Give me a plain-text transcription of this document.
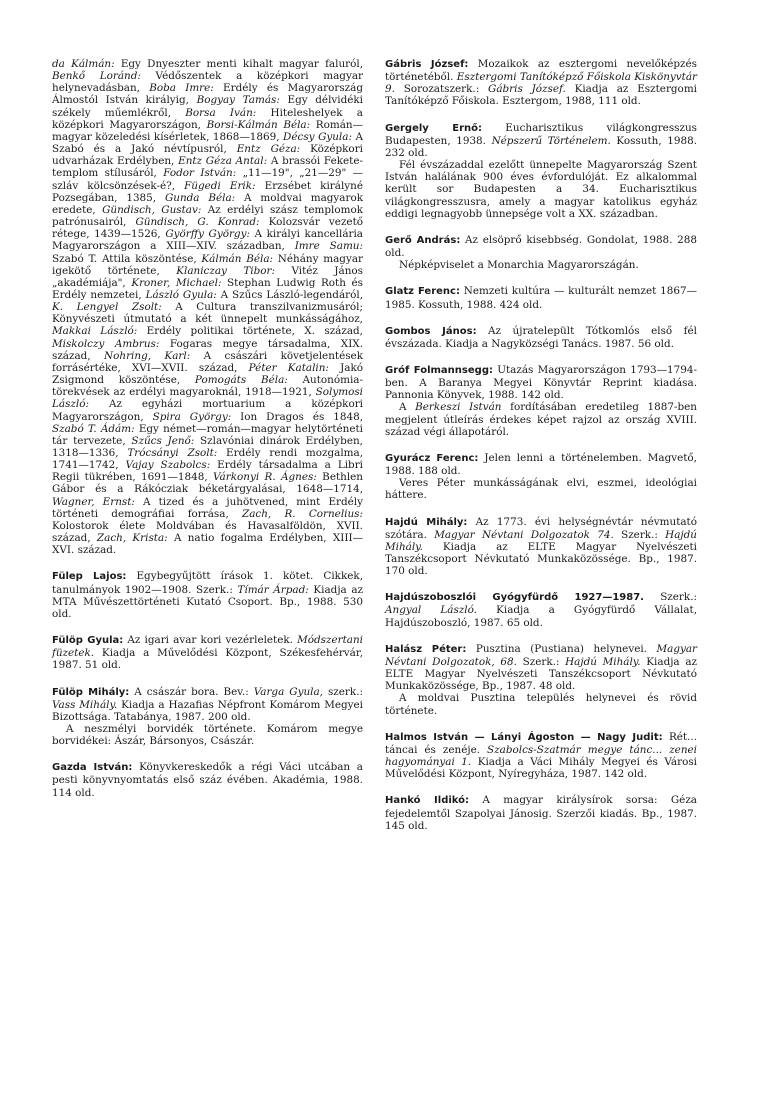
da Kálmán: Egy Dnyeszter menti kihalt magyar faluról, Benkő Loránd: Védőszentek a középkori magyar helynevadásban, Boba Imre: Erdély és Magyarország Álmostól István királyig, Bogyay Tamás: Egy délvidéki székely műemlékről, Borsa Iván: Hiteleshelyek a középkori Magyarországon, Borsi-Kálmán Béla: Román—magyar közeledési kísérletek, 1868—1869, Décsy Gyula: A Szabó és a Jakó névtípusról, Entz Géza: Középkori udvarházak Erdélyben, Entz Géza Antal: A brassói Fekete-templom stílusáról, Fodor István: „11—19", „21—29" — szláv kölcsönzések-é?, Fügedi Erik: Erzsébet királyné Pozsegában, 1385, Gunda Béla: A moldvai magyarok eredete, Gündisch, Gustav: Az erdélyi szász templomok patrónusairól, Gündisch, G. Konrad: Kolozsvár vezető rétege, 1439—1526, Györffy György: A királyi kancellária Magyarországon a XIII—XIV. században, Imre Samu: Szabó T. Attila köszöntése, Kálmán Béla: Néhány magyar igekötő története, Klaniczay Tibor: Vitéz János „akadémiája", Kroner, Michael: Stephan Ludwig Roth és Erdély nemzetei, László Gyula: A Szűcs László-legendáról, K. Lengyel Zsolt: A Cultura transzilvanizmusáról; Könyvészeti útmutató a két ünnepelt munkásságához, Makkai László: Erdély politikai története, X. század, Miskolczy Ambrus: Fogaras megye társadalma, XIX. század, Nohring, Karl: A császári követjelentések forrásértéke, XVI—XVII. század, Péter Katalin: Jakó Zsigmond köszöntése, Pomogáts Béla: Autonómia-törekvések az erdélyi magyaroknál, 1918—1921, Solymosi László: Az egyházi mortuarium a középkori Magyarországon, Spira György: Ion Dragos és 1848, Szabó T. Ádám: Egy német—román—magyar helytörténeti tár tervezete, Szűcs Jenő: Szlavóniai dinárok Erdélyben, 1318—1336, Trócsányi Zsolt: Erdély rendi mozgalma, 1741—1742, Vajay Szabolcs: Erdély társadalma a Libri Regii tükrében, 1691—1848, Várkonyi R. Ágnes: Bethlen Gábor és a Rákócziak béketárgyalásai, 1648—1714, Wagner, Ernst: A tized és a juhötvened, mint Erdély történeti demográfiai forrása, Zach, R. Cornelius: Kolostorok élete Moldvában és Havasalföldön, XVII. század, Zach, Krista: A natio fogalma Erdélyben, XIII—XVI. század.

Fülep Lajos: Egybegyűjtött írások 1. kötet. Cikkek, tanulmányok 1902—1908. Szerk.: Tímár Árpad: Kiadja az MTA Művészettörténeti Kutató Csoport. Bp., 1988. 530 old.

Fülöp Gyula: Az igari avar kori vezérleletek. Módszertani füzetek. Kiadja a Művelődési Központ, Székesfehérvár, 1987. 51 old.

Fülöp Mihály: A császár bora. Bev.: Varga Gyula, szerk.: Vass Mihály. Kiadja a Hazafias Népfront Komárom Megyei Bizottsága. Tatabánya, 1987. 200 old.

A neszmélyi borvidék története. Komárom megye borvidékei: Ászár, Bársonyos, Császár.

Gazda István: Könyvkereskedők a régi Váci utcában a pesti könyvnyomtatás első száz évében. Akadémia, 1988. 114 old.

Gábris József: Mozaikok az esztergomi nevelőképzés történetéből. Esztergomi Tanítóképző Főiskola Kiskönyvtár 9. Sorozatszerk.: Gábris József. Kiadja az Esztergomi Tanítóképző Főiskola. Esztergom, 1988, 111 old.

Gergely Ernő: Eucharisztikus világkongresszus Budapesten, 1938. Népszerű Történelem. Kossuth, 1988. 232 old.

Fél évszázaddal ezelőtt ünnepelte Magyarország Szent István halálának 900 éves évfordulóját. Ez alkalommal került sor Budapesten a 34. Eucharisztikus világkongresszusra, amely a magyar katolikus egyház eddigi legnagyobb ünnepsége volt a XX. században.

Gerő András: Az elsöprő kisebbség. Gondolat, 1988. 288 old.

Népképviselet a Monarchia Magyarországán.

Glatz Ferenc: Nemzeti kultúra — kulturált nemzet 1867—1985. Kossuth, 1988. 424 old.

Gombos János: Az újratelepült Tótkomlós első fél évszázada. Kiadja a Nagyközségi Tanács. 1987. 56 old.

Gróf Folmannsegg: Utazás Magyarországon 1793—1794-ben. A Baranya Megyei Könyvtár Reprint kiadása. Pannonia Könyvek, 1988. 142 old.

A Berkeszi István fordításában eredetileg 1887-ben megjelent útleírás érdekes képet rajzol az ország XVIII. század végi állapotáról.

Gyurácz Ferenc: Jelen lenni a történelemben. Magvető, 1988. 188 old.

Veres Péter munkásságának elvi, eszmei, ideológiai háttere.

Hajdú Mihály: Az 1773. évi helységnévtár névmutató szótára. Magyar Névtani Dolgozatok 74. Szerk.: Hajdú Mihály. Kiadja az ELTE Magyar Nyelvészeti Tanszékcsoport Névkutató Munkaközössége. Bp., 1987. 170 old.

Hajdúszoboszlói Gyógyfürdő 1927—1987. Szerk.: Angyal László. Kiadja a Gyógyfürdő Vállalat, Hajdúszoboszló, 1987. 65 old.

Halász Péter: Pusztina (Pustiana) helynevei. Magyar Névtani Dolgozatok, 68. Szerk.: Hajdú Mihály. Kiadja az ELTE Magyar Nyelvészeti Tanszékcsoport Névkutató Munkaközössége, Bp., 1987. 48 old.

A moldvai Pusztina település helynevei és rövid története.

Halmos István — Lányi Ágoston — Nagy Judit: Rét... táncai és zenéje. Szabolcs-Szatmár megye tánc... zenei hagyományai 1. Kiadja a Váci Mihály Megyei és Városi Művelődési Központ, Nyíregyháza, 1987. 142 old.

Hankó Ildikó: A magyar királysírok sorsa: Géza fejedelemtől Szapolyai Jánosig. Szerzői kiadás. Bp., 1987. 145 old.
